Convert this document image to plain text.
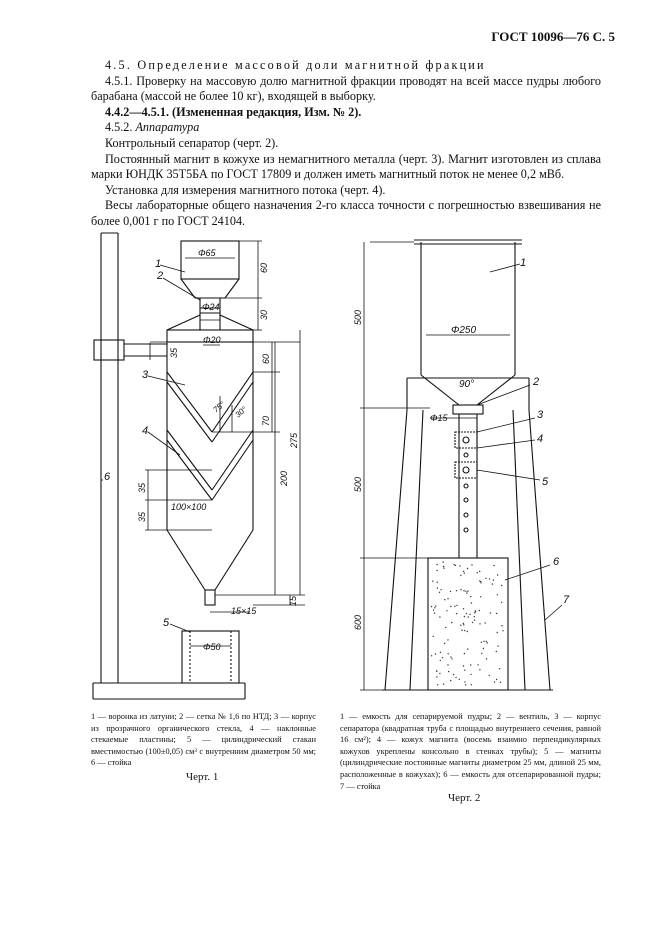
ГОСТ 10096—76 С. 5

4.5. Определение массовой доли магнитной фракции

4.5.1. Проверку на массовую долю магнитной фракции проводят на всей массе пудры любого барабана (массой не более 10 кг), входящей в выборку.

4.4.2—4.5.1. (Измененная редакция, Изм. № 2).

4.5.2. Аппаратура

Контрольный сепаратор (черт. 2).

Постоянный магнит в кожухе из немагнитного металла (черт. 3). Магнит изготовлен из сплава марки ЮНДК 35Т5БА по ГОСТ 17809 и должен иметь магнитный поток не менее 0,2 мВб.

Установка для измерения магнитного потока (черт. 4).

Весы лабораторные общего назначения 2-го класса точности с погрешностью взвешивания не более 0,001 г по ГОСТ 24104.

1
2
3
4
5
6
Φ65
Φ24
Φ20
Φ50
15×15
100×100
75° 30°
60
30
35
60
70
200
275
15
35
35
1
2
3
4
5
6
7
500
500
600
Φ250
90°
Φ15
1 — воронка из латуни; 2 — сетка № 1,6 по НТД; 3 — корпус из прозрачного органического стекла, 4 — наклонные стекаемые пластины; 5 — цилиндрический стакан вместимостью (100±0,05) см³ с внутренним диаметром 50 мм; 6 — стойка
Черт. 1
1 — емкость для сепарируемой пудры; 2 — вентиль, 3 — корпус сепаратора (квадратная труба с площадью внутреннего сечения, равной 16 см²); 4 — кожух магнита (восемь взаимно перпендикулярных кожухов укреплены консольно в стенках трубы); 5 — магниты (цилиндрические постоянные магниты диаметром 25 мм, длиной 25 мм, расположенные в кожухах); 6 — емкость для отсепарированной пудры; 7 — стойка
Черт. 2
